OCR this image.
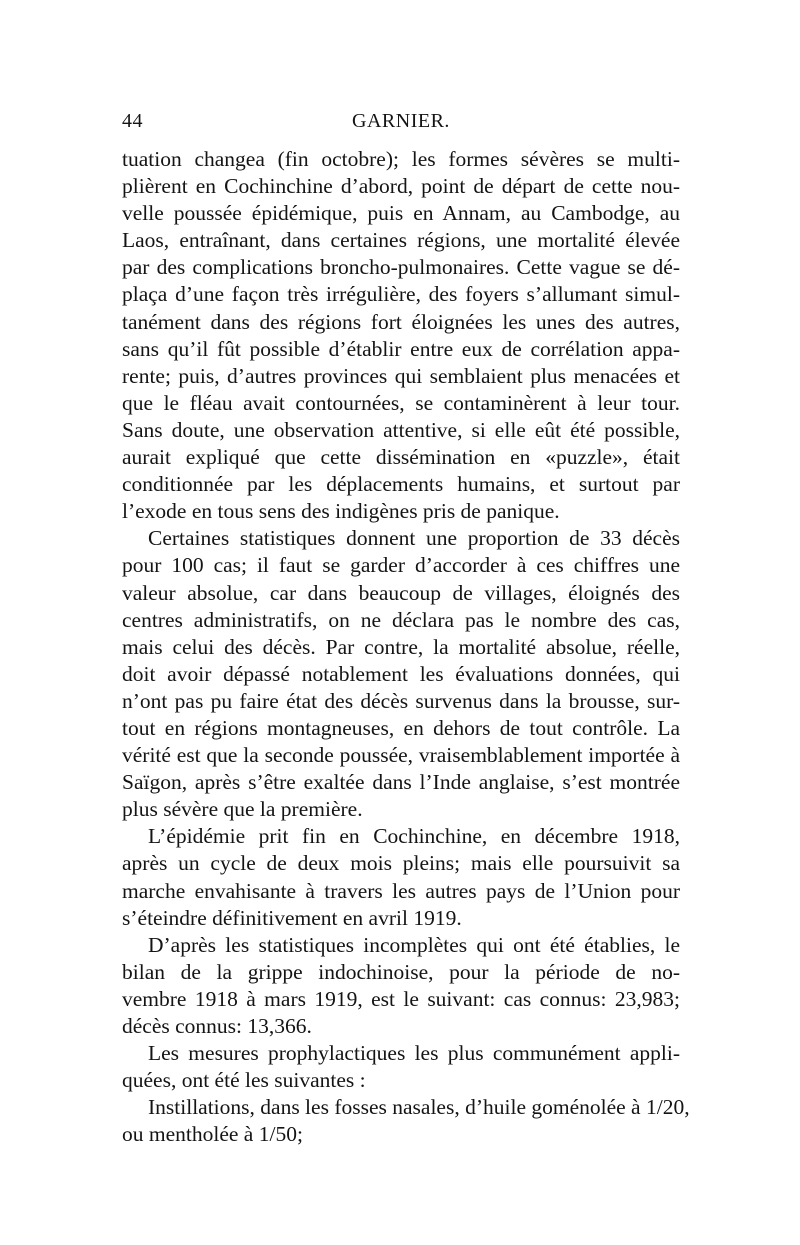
44	GARNIER.
tuation changea (fin octobre); les formes sévères se multi-
plièrent en Cochinchine d’abord, point de départ de cette nou-
velle poussée épidémique, puis en Annam, au Cambodge, au
Laos, entraînant, dans certaines régions, une mortalité élevée
par des complications broncho-pulmonaires. Cette vague se dé-
plaça d’une façon très irrégulière, des foyers s’allumant simul-
tanément dans des régions fort éloignées les unes des autres,
sans qu’il fût possible d’établir entre eux de corrélation appa-
rente; puis, d’autres provinces qui semblaient plus menacées et
que le fléau avait contournées, se contaminèrent à leur tour.
Sans doute, une observation attentive, si elle eût été possible,
aurait expliqué que cette dissémination en «puzzle», était
conditionnée par les déplacements humains, et surtout par
l’exode en tous sens des indigènes pris de panique.
Certaines statistiques donnent une proportion de 33 décès
pour 100 cas; il faut se garder d’accorder à ces chiffres une
valeur absolue, car dans beaucoup de villages, éloignés des
centres administratifs, on ne déclara pas le nombre des cas,
mais celui des décès. Par contre, la mortalité absolue, réelle,
doit avoir dépassé notablement les évaluations données, qui
n’ont pas pu faire état des décès survenus dans la brousse, sur-
tout en régions montagneuses, en dehors de tout contrôle. La
vérité est que la seconde poussée, vraisemblablement importée à
Saïgon, après s’être exaltée dans l’Inde anglaise, s’est montrée
plus sévère que la première.
L’épidémie prit fin en Cochinchine, en décembre 1918,
après un cycle de deux mois pleins; mais elle poursuivit sa
marche envahisante à travers les autres pays de l’Union pour
s’éteindre définitivement en avril 1919.
D’après les statistiques incomplètes qui ont été établies, le
bilan de la grippe indochinoise, pour la période de no-
vembre 1918 à mars 1919, est le suivant: cas connus: 23,983;
décès connus: 13,366.
Les mesures prophylactiques les plus communément appli-
quées, ont été les suivantes :
Instillations, dans les fosses nasales, d’huile goménolée à 1/20,
ou mentholée à 1/50;
